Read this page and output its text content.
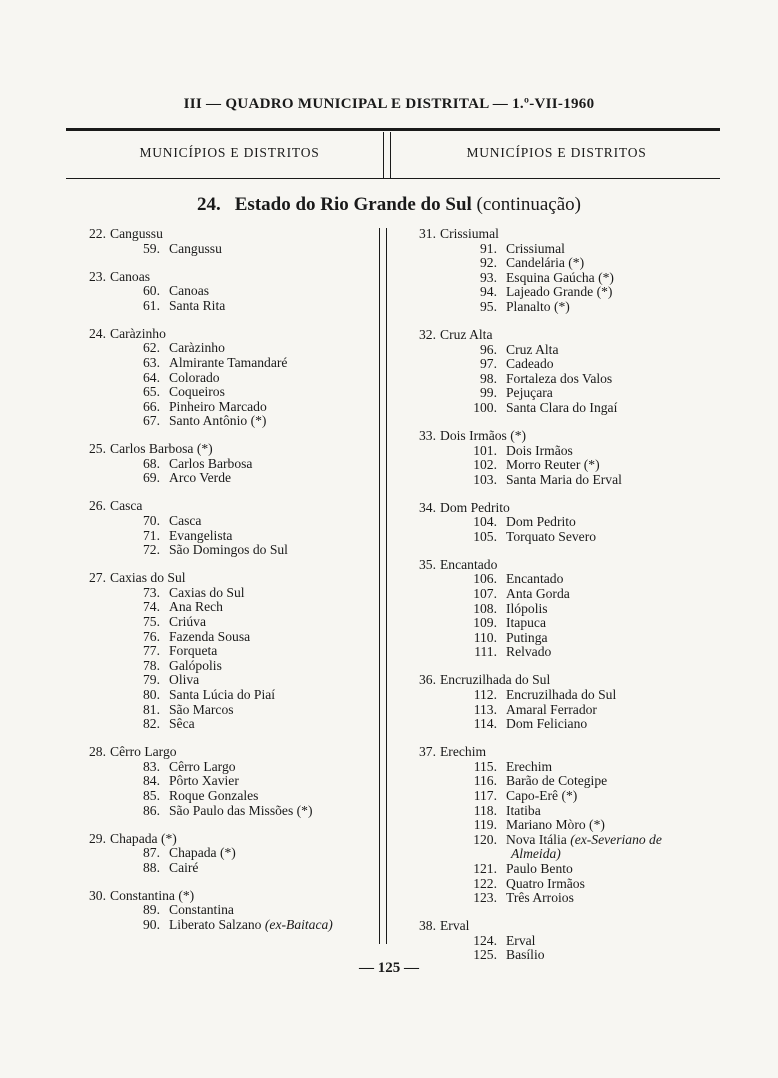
III — QUADRO MUNICIPAL E DISTRITAL — 1.º-VII-1960
MUNICÍPIOS E DISTRITOS	MUNICÍPIOS E DISTRITOS
24. Estado do Rio Grande do Sul (continuação)
22. Cangussu
59. Cangussu
23. Canoas
60. Canoas
61. Santa Rita
24. Caràzinho
62. Caràzinho
63. Almirante Tamandaré
64. Colorado
65. Coqueiros
66. Pinheiro Marcado
67. Santo Antônio (*)
25. Carlos Barbosa (*)
68. Carlos Barbosa
69. Arco Verde
26. Casca
70. Casca
71. Evangelista
72. São Domingos do Sul
27. Caxias do Sul
73. Caxias do Sul
74. Ana Rech
75. Criúva
76. Fazenda Sousa
77. Forqueta
78. Galópolis
79. Oliva
80. Santa Lúcia do Piaí
81. São Marcos
82. Sêca
28. Cêrro Largo
83. Cêrro Largo
84. Pôrto Xavier
85. Roque Gonzales
86. São Paulo das Missões (*)
29. Chapada (*)
87. Chapada (*)
88. Cairé
30. Constantina (*)
89. Constantina
90. Liberato Salzano (ex-Baitaca)
31. Crissiumal
91. Crissiumal
92. Candelária (*)
93. Esquina Gaúcha (*)
94. Lajeado Grande (*)
95. Planalto (*)
32. Cruz Alta
96. Cruz Alta
97. Cadeado
98. Fortaleza dos Valos
99. Pejuçara
100. Santa Clara do Ingaí
33. Dois Irmãos (*)
101. Dois Irmãos
102. Morro Reuter (*)
103. Santa Maria do Erval
34. Dom Pedrito
104. Dom Pedrito
105. Torquato Severo
35. Encantado
106. Encantado
107. Anta Gorda
108. Ilópolis
109. Itapuca
110. Putinga
111. Relvado
36. Encruzilhada do Sul
112. Encruzilhada do Sul
113. Amaral Ferrador
114. Dom Feliciano
37. Erechim
115. Erechim
116. Barão de Cotegipe
117. Capo-Erê (*)
118. Itatiba
119. Mariano Mòro (*)
120. Nova Itália (ex-Severiano de
Almeida)
121. Paulo Bento
122. Quatro Irmãos
123. Três Arroios
38. Erval
124. Erval
125. Basílio
— 125 —
